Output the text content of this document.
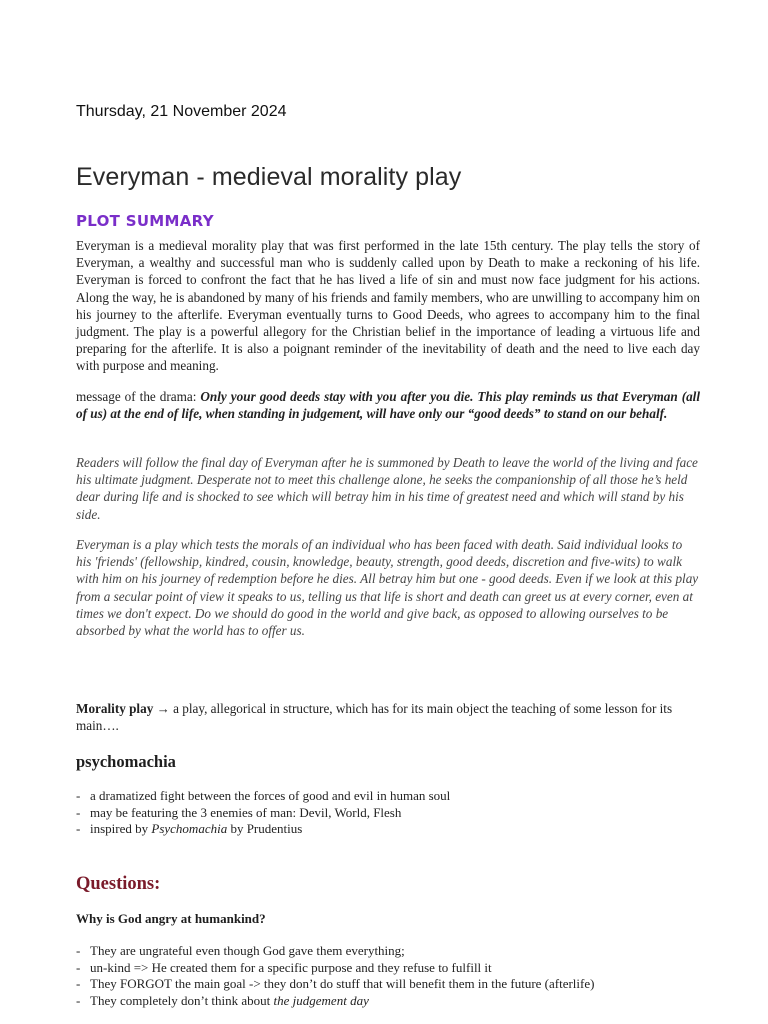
Thursday, 21 November 2024
Everyman - medieval morality play
PLOT SUMMARY

Everyman is a medieval morality play that was first performed in the late 15th century. The play tells the story of Everyman, a wealthy and successful man who is suddenly called upon by Death to make a reckoning of his life. Everyman is forced to confront the fact that he has lived a life of sin and must now face judgment for his actions. Along the way, he is abandoned by many of his friends and family members, who are unwilling to accompany him on his journey to the afterlife. Everyman eventually turns to Good Deeds, who agrees to accompany him to the final judgment. The play is a powerful allegory for the Christian belief in the importance of leading a virtuous life and preparing for the afterlife. It is also a poignant reminder of the inevitability of death and the need to live each day with purpose and meaning.

message of the drama: Only your good deeds stay with you after you die. This play reminds us that Everyman (all of us) at the end of life, when standing in judgement, will have only our “good deeds” to stand on our behalf.

Readers will follow the final day of Everyman after he is summoned by Death to leave the world of the living and face his ultimate judgment. Desperate not to meet this challenge alone, he seeks the companionship of all those he’s held dear during life and is shocked to see which will betray him in his time of greatest need and which will stand by his side.

Everyman is a play which tests the morals of an individual who has been faced with death. Said individual looks to his 'friends' (fellowship, kindred, cousin, knowledge, beauty, strength, good deeds, discretion and five-wits) to walk with him on his journey of redemption before he dies. All betray him but one - good deeds. Even if we look at this play from a secular point of view it speaks to us, telling us that life is short and death can greet us at every corner, even at times we don't expect. Do we should do good in the world and give back, as opposed to allowing ourselves to be absorbed by what the world has to offer us.

Morality play → a play, allegorical in structure, which has for its main object the teaching of some lesson for its main….

psychomachia
- a dramatized fight between the forces of good and evil in human soul
- may be featuring the 3 enemies of man: Devil, World, Flesh
- inspired by Psychomachia by Prudentius
Questions:
Why is God angry at humankind?
- They are ungrateful even though God gave them everything;
- un-kind => He created them for a specific purpose and they refuse to fulfill it
- They FORGOT the main goal -> they don’t do stuff that will benefit them in the future (afterlife)
- They completely don’t think about the judgement day
